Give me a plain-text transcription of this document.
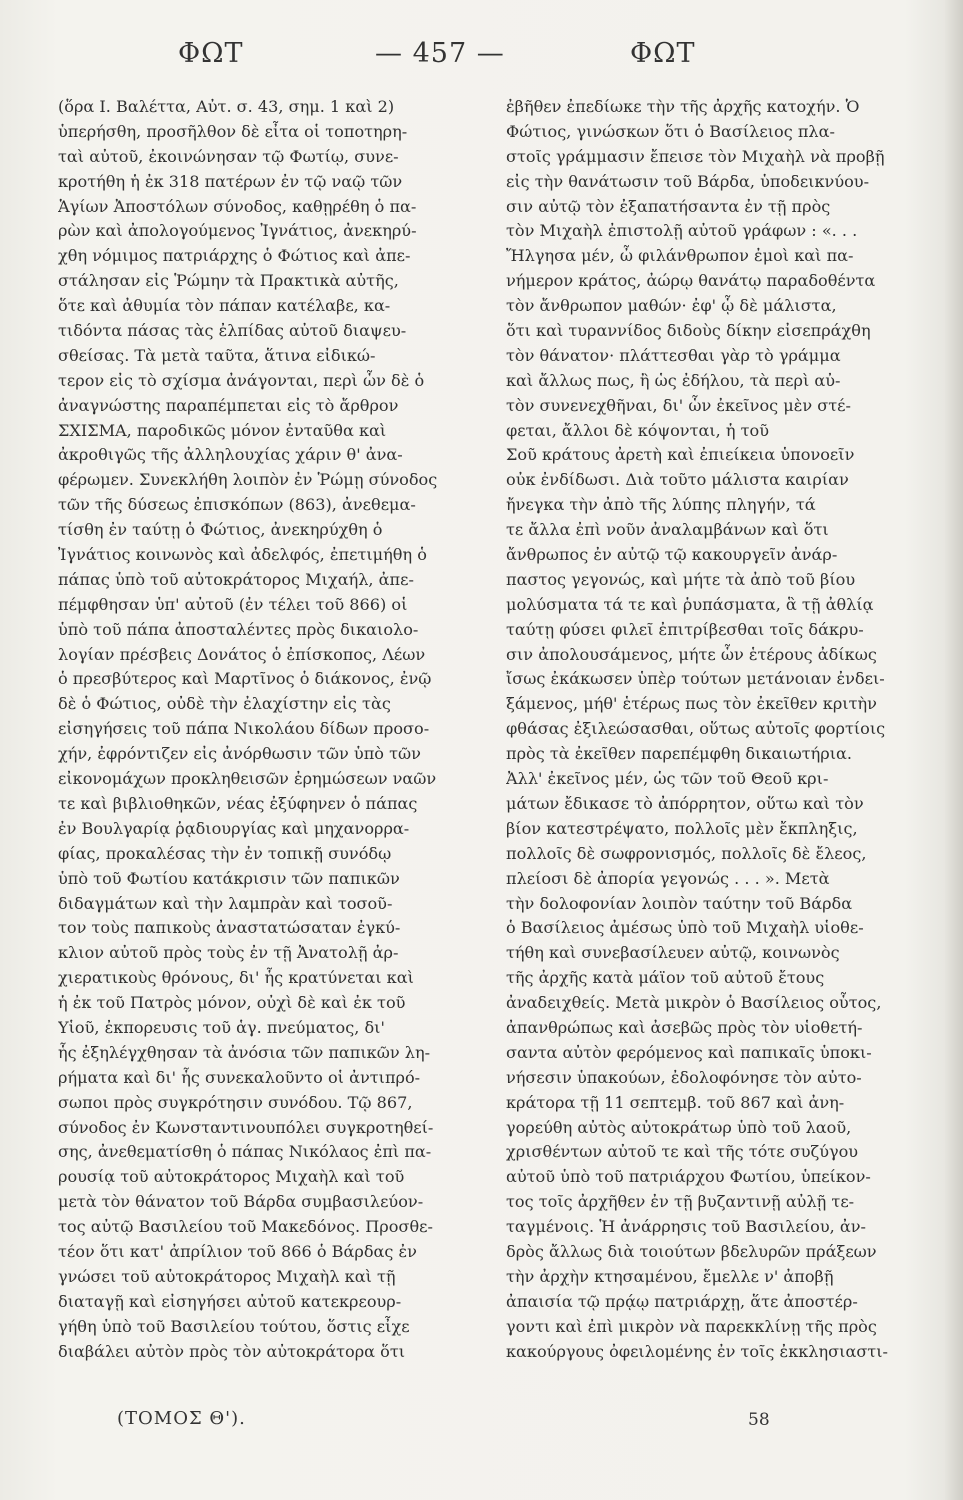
ΦΩΤ	— 457 —	ΦΩΤ
(ὅρα Ι. Βαλέττα, Αὐτ. σ. 43, σημ. 1 καὶ 2)
ὑπερήσθη, προσῆλθον δὲ εἶτα οἱ τοποτηρη-
ταὶ αὐτοῦ, ἐκοινώνησαν τῷ Φωτίῳ, συνε-
κροτήθη ἡ ἐκ 318 πατέρων ἐν τῷ ναῷ τῶν
Ἁγίων Ἀποστόλων σύνοδος, καθῃρέθη ὁ πα-
ρὼν καὶ ἀπολογούμενος Ἰγνάτιος, ἀνεκηρύ-
χθη νόμιμος πατριάρχης ὁ Φώτιος καὶ ἀπε-
στάλησαν εἰς Ῥώμην τὰ Πρακτικὰ αὐτῆς,
ὅτε καὶ ἀθυμία τὸν πάπαν κατέλαβε, κα-
τιδόντα πάσας τὰς ἐλπίδας αὐτοῦ διαψευ-
σθείσας. Τὰ μετὰ ταῦτα, ἅτινα εἰδικώ-
τερον εἰς τὸ σχίσμα ἀνάγονται, περὶ ὧν δὲ ὁ
ἀναγνώστης παραπέμπεται εἰς τὸ ἄρθρον
ΣΧΙΣΜΑ, παροδικῶς μόνον ἐνταῦθα καὶ
ἀκροθιγῶς τῆς ἀλληλουχίας χάριν θ' ἀνα-
φέρωμεν. Συνεκλήθη λοιπὸν ἐν Ῥώμῃ σύνοδος
τῶν τῆς δύσεως ἐπισκόπων (863), ἀνεθεμα-
τίσθη ἐν ταύτῃ ὁ Φώτιος, ἀνεκηρύχθη ὁ
Ἰγνάτιος κοινωνὸς καὶ ἀδελφός, ἐπετιμήθη ὁ
πάπας ὑπὸ τοῦ αὐτοκράτορος Μιχαήλ, ἀπε-
πέμφθησαν ὑπ' αὐτοῦ (ἐν τέλει τοῦ 866) οἱ
ὑπὸ τοῦ πάπα ἀποσταλέντες πρὸς δικαιολο-
λογίαν πρέσβεις Δονάτος ὁ ἐπίσκοπος, Λέων
ὁ πρεσβύτερος καὶ Μαρτῖνος ὁ διάκονος, ἐνῷ
δὲ ὁ Φώτιος, οὐδὲ τὴν ἐλαχίστην εἰς τὰς
εἰσηγήσεις τοῦ πάπα Νικολάου δίδων προσο-
χήν, ἐφρόντιζεν εἰς ἀνόρθωσιν τῶν ὑπὸ τῶν
εἰκονομάχων προκληθεισῶν ἐρημώσεων ναῶν
τε καὶ βιβλιοθηκῶν, νέας ἐξύφηνεν ὁ πάπας
ἐν Βουλγαρίᾳ ῥᾳδιουργίας καὶ μηχανορρα-
φίας, προκαλέσας τὴν ἐν τοπικῇ συνόδῳ
ὑπὸ τοῦ Φωτίου κατάκρισιν τῶν παπικῶν
διδαγμάτων καὶ τὴν λαμπρὰν καὶ τοσοῦ-
τον τοὺς παπικοὺς ἀναστατώσαταν ἐγκύ-
κλιον αὐτοῦ πρὸς τοὺς ἐν τῇ Ἀνατολῇ ἀρ-
χιερατικοὺς θρόνους, δι' ἧς κρατύνεται καὶ
ἡ ἐκ τοῦ Πατρὸς μόνον, οὐχὶ δὲ καὶ ἐκ τοῦ
Υἱοῦ, ἐκπορευσις τοῦ ἁγ. πνεύματος, δι'
ἧς ἐξηλέγχθησαν τὰ ἀνόσια τῶν παπικῶν λη-
ρήματα καὶ δι' ἧς συνεκαλοῦντο οἱ ἀντιπρό-
σωποι πρὸς συγκρότησιν συνόδου. Τῷ 867,
σύνοδος ἐν Κωνσταντινουπόλει συγκροτηθεί-
σης, ἀνεθεματίσθη ὁ πάπας Νικόλαος ἐπὶ πα-
ρουσίᾳ τοῦ αὐτοκράτορος Μιχαὴλ καὶ τοῦ
μετὰ τὸν θάνατον τοῦ Βάρδα συμβασιλεύον-
τος αὐτῷ Βασιλείου τοῦ Μακεδόνος. Προσθε-
τέον ὅτι κατ' ἀπρίλιον τοῦ 866 ὁ Βάρδας ἐν
γνώσει τοῦ αὐτοκράτορος Μιχαὴλ καὶ τῇ
διαταγῇ καὶ εἰσηγήσει αὐτοῦ κατεκρεουρ-
γήθη ὑπὸ τοῦ Βασιλείου τούτου, ὅστις εἶχε
διαβάλει αὐτὸν πρὸς τὸν αὐτοκράτορα ὅτι
ἐβῆθεν ἐπεδίωκε τὴν τῆς ἀρχῆς κατοχήν. Ὁ
Φώτιος, γινώσκων ὅτι ὁ Βασίλειος πλα-
στοῖς γράμμασιν ἔπεισε τὸν Μιχαὴλ νὰ προβῇ
εἰς τὴν θανάτωσιν τοῦ Βάρδα, ὑποδεικνύου-
σιν αὐτῷ τὸν ἐξαπατήσαντα ἐν τῇ πρὸς
τὸν Μιχαὴλ ἐπιστολῇ αὐτοῦ γράφων : «. . .
Ἤλγησα μέν, ὦ φιλάνθρωπον ἐμοὶ καὶ πα-
νήμερον κράτος, ἀώρῳ θανάτῳ παραδοθέντα
τὸν ἄνθρωπον μαθών· ἐφ' ᾧ δὲ μάλιστα,
ὅτι καὶ τυραννίδος διδοὺς δίκην εἰσεπράχθη
τὸν θάνατον· πλάττεσθαι γὰρ τὸ γράμμα
καὶ ἄλλως πως, ἢ ὡς ἐδήλου, τὰ περὶ αὐ-
τὸν συνενεχθῆναι, δι' ὧν ἐκεῖνος μὲν στέ-
φεται, ἄλλοι δὲ κόψονται, ἡ τοῦ
Σοῦ κράτους ἀρετὴ καὶ ἐπιείκεια ὑπονοεῖν
οὐκ ἐνδίδωσι. Διὰ τοῦτο μάλιστα καιρίαν
ἤνεγκα τὴν ἀπὸ τῆς λύπης πληγήν, τά
τε ἄλλα ἐπὶ νοῦν ἀναλαμβάνων καὶ ὅτι
ἄνθρωπος ἐν αὐτῷ τῷ κακουργεῖν ἀνάρ-
παστος γεγονώς, καὶ μήτε τὰ ἀπὸ τοῦ βίου
μολύσματα τά τε καὶ ῥυπάσματα, ἃ τῇ ἀθλίᾳ
ταύτῃ φύσει φιλεῖ ἐπιτρίβεσθαι τοῖς δάκρυ-
σιν ἀπολουσάμενος, μήτε ὧν ἑτέρους ἀδίκως
ἴσως ἐκάκωσεν ὑπὲρ τούτων μετάνοιαν ἐνδει-
ξάμενος, μήθ' ἑτέρως πως τὸν ἐκεῖθεν κριτὴν
φθάσας ἐξιλεώσασθαι, οὕτως αὐτοῖς φορτίοις
πρὸς τὰ ἐκεῖθεν παρεπέμφθη δικαιωτήρια.
Ἀλλ' ἐκεῖνος μέν, ὡς τῶν τοῦ Θεοῦ κρι-
μάτων ἔδικασε τὸ ἀπόρρητον, οὕτω καὶ τὸν
βίον κατεστρέψατο, πολλοῖς μὲν ἔκπληξις,
πολλοῖς δὲ σωφρονισμός, πολλοῖς δὲ ἔλεος,
πλείοσι δὲ ἀπορία γεγονώς . . . ». Μετὰ
τὴν δολοφονίαν λοιπὸν ταύτην τοῦ Βάρδα
ὁ Βασίλειος ἀμέσως ὑπὸ τοῦ Μιχαὴλ υἱοθε-
τήθη καὶ συνεβασίλευεν αὐτῷ, κοινωνὸς
τῆς ἀρχῆς κατὰ μάϊον τοῦ αὐτοῦ ἔτους
ἀναδειχθείς. Μετὰ μικρὸν ὁ Βασίλειος οὗτος,
ἀπανθρώπως καὶ ἀσεβῶς πρὸς τὸν υἱοθετή-
σαντα αὐτὸν φερόμενος καὶ παπικαῖς ὑποκι-
νήσεσιν ὑπακούων, ἐδολοφόνησε τὸν αὐτο-
κράτορα τῇ 11 σεπτεμβ. τοῦ 867 καὶ ἀνη-
γορεύθη αὐτὸς αὐτοκράτωρ ὑπὸ τοῦ λαοῦ,
χρισθέντων αὐτοῦ τε καὶ τῆς τότε συζύγου
αὐτοῦ ὑπὸ τοῦ πατριάρχου Φωτίου, ὑπείκον-
τος τοῖς ἀρχῆθεν ἐν τῇ βυζαντινῇ αὐλῇ τε-
ταγμένοις. Ἡ ἀνάρρησις τοῦ Βασιλείου, ἀν-
δρὸς ἄλλως διὰ τοιούτων βδελυρῶν πράξεων
τὴν ἀρχὴν κτησαμένου, ἔμελλε ν' ἀποβῇ
ἀπαισία τῷ πρᾴῳ πατριάρχῃ, ἅτε ἀποστέρ-
γοντι καὶ ἐπὶ μικρὸν νὰ παρεκκλίνῃ τῆς πρὸς
κακούργους ὀφειλομένης ἐν τοῖς ἐκκλησιαστι-
(ΤΟΜΟΣ Θ').	58
